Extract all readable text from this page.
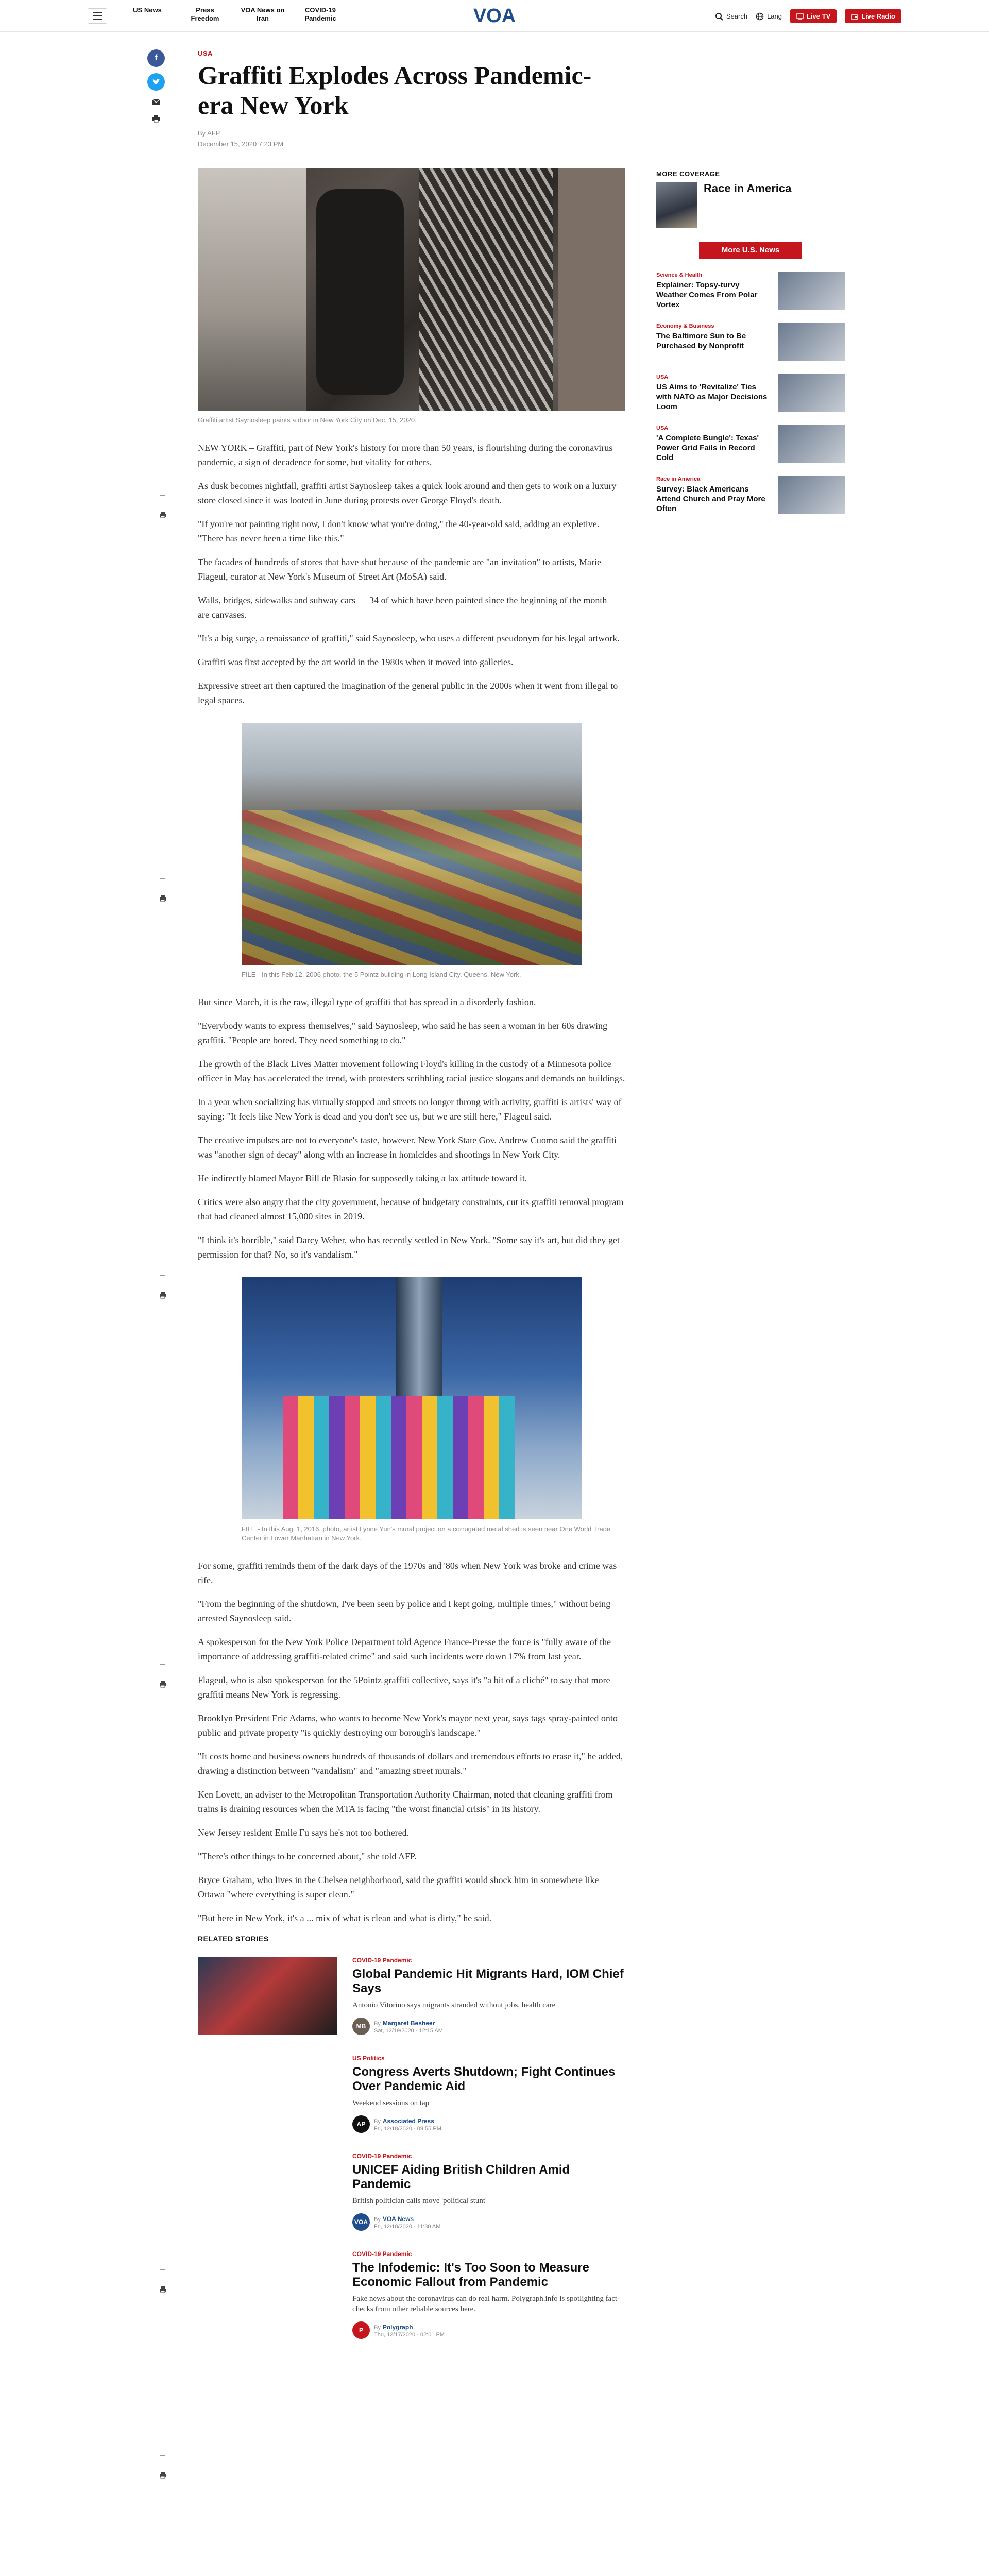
US News	Press Freedom
VOA News on Iran
COVID-19 Pandemic	VOA	Search	Lang	Live TV	Live Radio
f
USA
Graffiti Explodes Across Pandemic-era New York
By AFP
December 15, 2020 7:23 PM
Graffiti artist Saynosleep paints a door in New York City on Dec. 15, 2020.

NEW YORK – Graffiti, part of New York's history for more than 50 years, is flourishing during the coronavirus pandemic, a sign of decadence for some, but vitality for others.

As dusk becomes nightfall, graffiti artist Saynosleep takes a quick look around and then gets to work on a luxury store closed since it was looted in June during protests over George Floyd's death.

"If you're not painting right now, I don't know what you're doing," the 40-year-old said, adding an expletive. "There has never been a time like this."

The facades of hundreds of stores that have shut because of the pandemic are "an invitation" to artists, Marie Flageul, curator at New York's Museum of Street Art (MoSA) said.

Walls, bridges, sidewalks and subway cars — 34 of which have been painted since the beginning of the month — are canvases.

"It's a big surge, a renaissance of graffiti," said Saynosleep, who uses a different pseudonym for his legal artwork.

Graffiti was first accepted by the art world in the 1980s when it moved into galleries.

Expressive street art then captured the imagination of the general public in the 2000s when it went from illegal to legal spaces.

FILE - In this Feb 12, 2006 photo, the 5 Pointz building in Long Island City, Queens, New York.

But since March, it is the raw, illegal type of graffiti that has spread in a disorderly fashion.

"Everybody wants to express themselves," said Saynosleep, who said he has seen a woman in her 60s drawing graffiti. "People are bored. They need something to do."

The growth of the Black Lives Matter movement following Floyd's killing in the custody of a Minnesota police officer in May has accelerated the trend, with protesters scribbling racial justice slogans and demands on buildings.

In a year when socializing has virtually stopped and streets no longer throng with activity, graffiti is artists' way of saying: "It feels like New York is dead and you don't see us, but we are still here," Flageul said.

The creative impulses are not to everyone's taste, however. New York State Gov. Andrew Cuomo said the graffiti was "another sign of decay" along with an increase in homicides and shootings in New York City.

He indirectly blamed Mayor Bill de Blasio for supposedly taking a lax attitude toward it.

Critics were also angry that the city government, because of budgetary constraints, cut its graffiti removal program that had cleaned almost 15,000 sites in 2019.

"I think it's horrible," said Darcy Weber, who has recently settled in New York. "Some say it's art, but did they get permission for that? No, so it's vandalism."

FILE - In this Aug. 1, 2016, photo, artist Lynne Yun's mural project on a corrugated metal shed is seen near One World Trade Center in Lower Manhattan in New York.

For some, graffiti reminds them of the dark days of the 1970s and '80s when New York was broke and crime was rife.

"From the beginning of the shutdown, I've been seen by police and I kept going, multiple times," without being arrested Saynosleep said.

A spokesperson for the New York Police Department told Agence France-Presse the force is "fully aware of the importance of addressing graffiti-related crime" and said such incidents were down 17% from last year.

Flageul, who is also spokesperson for the 5Pointz graffiti collective, says it's "a bit of a cliché" to say that more graffiti means New York is regressing.

Brooklyn President Eric Adams, who wants to become New York's mayor next year, says tags spray-painted onto public and private property "is quickly destroying our borough's landscape."

"It costs home and business owners hundreds of thousands of dollars and tremendous efforts to erase it," he added, drawing a distinction between "vandalism" and "amazing street murals."

Ken Lovett, an adviser to the Metropolitan Transportation Authority Chairman, noted that cleaning graffiti from trains is draining resources when the MTA is facing "the worst financial crisis" in its history.

New Jersey resident Emile Fu says he's not too bothered.

"There's other things to be concerned about," she told AFP.

Bryce Graham, who lives in the Chelsea neighborhood, said the graffiti would shock him in somewhere like Ottawa "where everything is super clean."

"But here in New York, it's a ... mix of what is clean and what is dirty," he said.

RELATED STORIES
COVID-19 Pandemic
Global Pandemic Hit Migrants Hard, IOM Chief Says
Antonio Vitorino says migrants stranded without jobs, health care
MB	By Margaret Besheer
Sat, 12/19/2020 - 12:15 AM
US Politics
Congress Averts Shutdown; Fight Continues Over Pandemic Aid
Weekend sessions on tap
AP	By Associated Press
Fri, 12/18/2020 - 09:55 PM
COVID-19 Pandemic
UNICEF Aiding British Children Amid Pandemic
British politician calls move 'political stunt'
VOA	By VOA News
Fri, 12/18/2020 - 11:30 AM
COVID-19 Pandemic
The Infodemic: It's Too Soon to Measure Economic Fallout from Pandemic
Fake news about the coronavirus can do real harm. Polygraph.info is spotlighting fact-checks from other reliable sources here.
P	By Polygraph
Thu, 12/17/2020 - 02:01 PM
MORE COVERAGE
Race in America
More U.S. News
Science & Health
Explainer: Topsy-turvy Weather Comes From Polar Vortex
Economy & Business
The Baltimore Sun to Be Purchased by Nonprofit
USA
US Aims to 'Revitalize' Ties with NATO as Major Decisions Loom
USA
'A Complete Bungle': Texas' Power Grid Fails in Record Cold
Race in America
Survey: Black Americans Attend Church and Pray More Often
